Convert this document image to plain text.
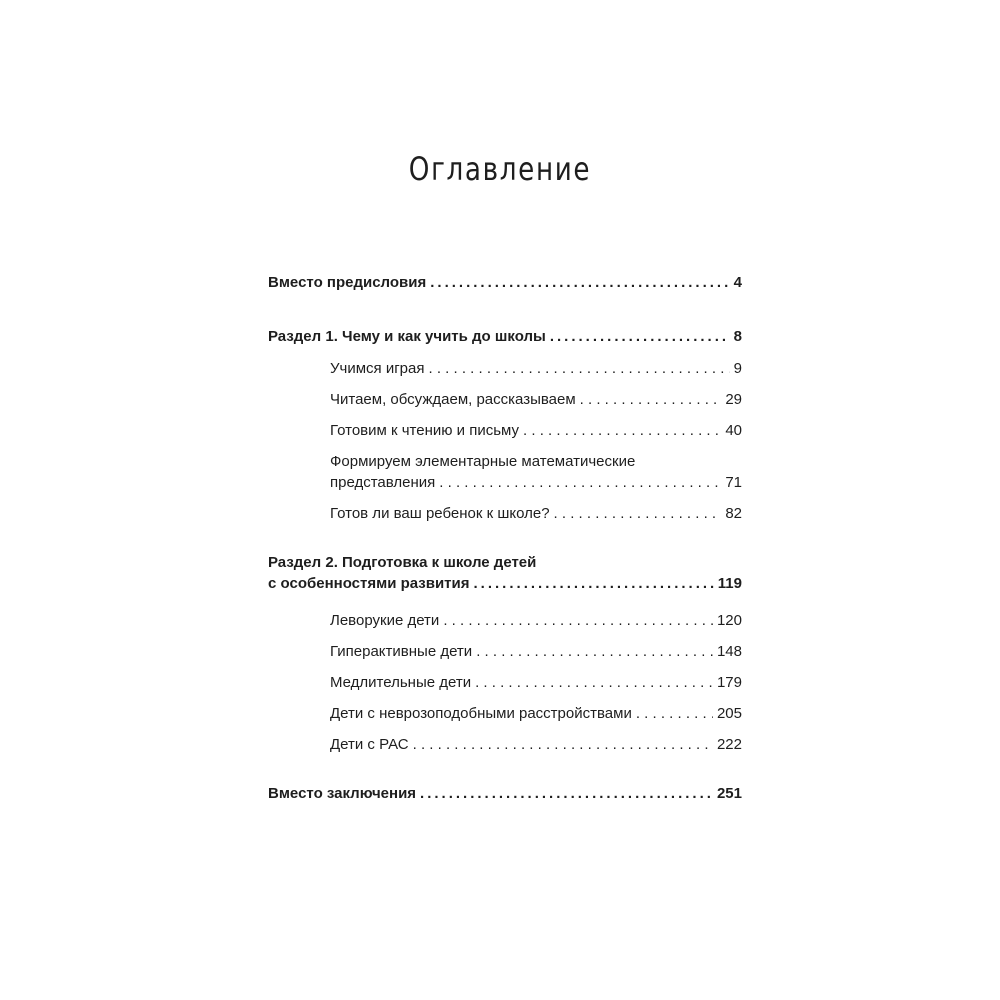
Оглавление
Вместо предисловия .....	4
Раздел 1. Чему и как учить до школы .....	8
Учимся играя . . .	9
Читаем, обсуждаем, рассказываем . . .	29
Готовим к чтению и письму . . .	40
Формируем элементарные математические
представления . . .	71
Готов ли ваш ребенок к школе? . . .	82
Раздел 2. Подготовка к школе детей
с особенностями развития .....	119
Леворукие дети . . .	120
Гиперактивные дети . . .	148
Медлительные дети . . .	179
Дети с неврозоподобными расстройствами . . .	205
Дети с РАС . . .	222
Вместо заключения .....	251
